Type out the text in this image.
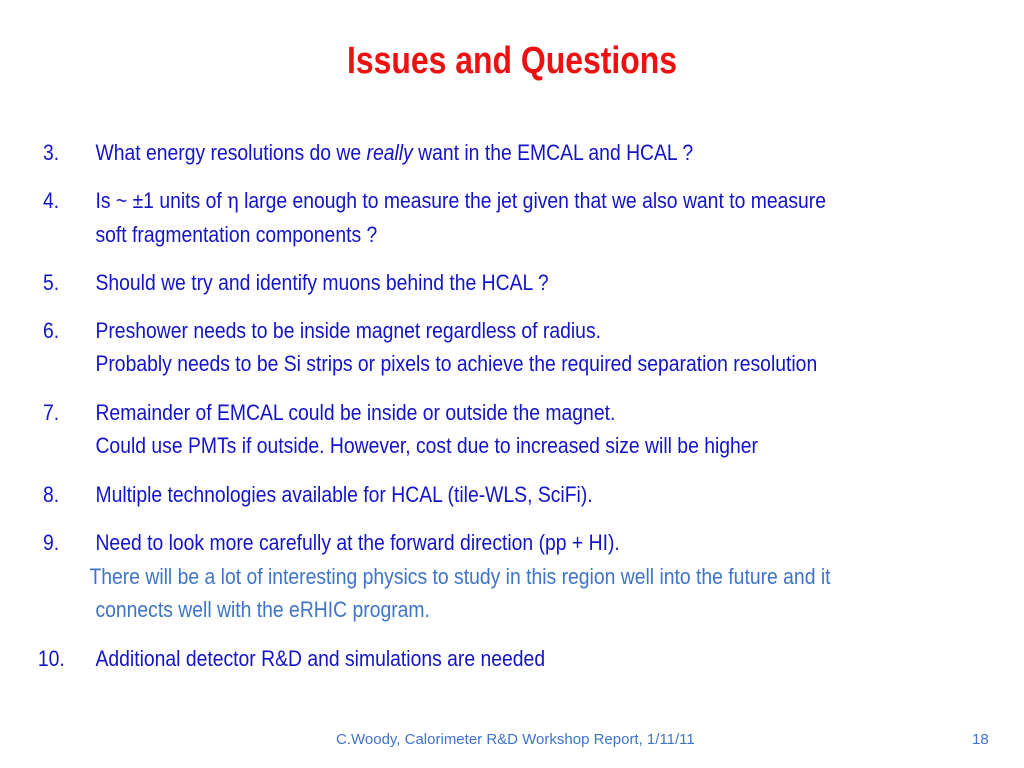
Issues and Questions
3. What energy resolutions do we really want in the EMCAL and HCAL ?
4. Is ~ ±1 units of η large enough to measure the jet given that we also want to measure
soft fragmentation components ?
5. Should we try and identify muons behind the HCAL ?
6. Preshower needs to be inside magnet regardless of radius.
Probably needs to be Si strips or pixels to achieve the required separation resolution
7. Remainder of EMCAL could be inside or outside the magnet.
Could use PMTs if outside. However, cost due to increased size will be higher
8. Multiple technologies available for HCAL (tile-WLS, SciFi).
9. Need to look more carefully at the forward direction (pp + HI).
There will be a lot of interesting physics to study in this region well into the future and it
connects well with the eRHIC program.
10. Additional detector R&D and simulations are needed
C.Woody, Calorimeter R&D Workshop Report, 1/11/11	18
